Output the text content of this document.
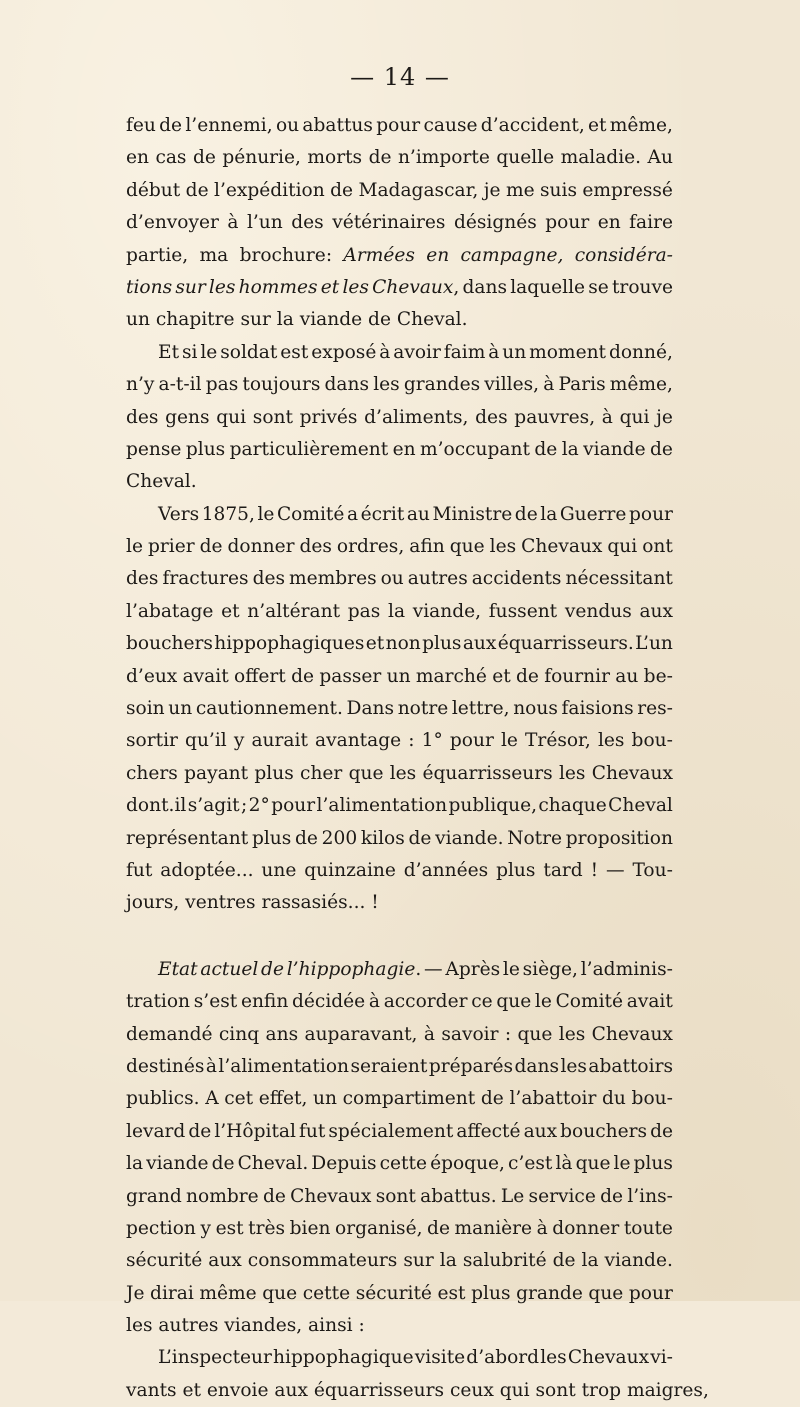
— 14 —
feu de l’ennemi, ou abattus pour cause d’accident, et même,
en cas de pénurie, morts de n’importe quelle maladie. Au
début de l’expédition de Madagascar, je me suis empressé
d’envoyer à l’un des vétérinaires désignés pour en faire
partie, ma brochure: Armées en campagne, considéra-
tions sur les hommes et les Chevaux, dans laquelle se trouve
un chapitre sur la viande de Cheval.
Et si le soldat est exposé à avoir faim à un moment donné,
n’y a-t-il pas toujours dans les grandes villes, à Paris même,
des gens qui sont privés d’aliments, des pauvres, à qui je
pense plus particulièrement en m’occupant de la viande de
Cheval.
Vers 1875, le Comité a écrit au Ministre de la Guerre pour
le prier de donner des ordres, afin que les Chevaux qui ont
des fractures des membres ou autres accidents nécessitant
l’abatage et n’altérant pas la viande, fussent vendus aux
bouchers hippophagiques et non plus aux équarrisseurs. L’un
d’eux avait offert de passer un marché et de fournir au be-
soin un cautionnement. Dans notre lettre, nous faisions res-
sortir qu’il y aurait avantage : 1° pour le Trésor, les bou-
chers payant plus cher que les équarrisseurs les Chevaux
dont.il s’agit ; 2° pour l’alimentation publique, chaque Cheval
représentant plus de 200 kilos de viande. Notre proposition
fut adoptée... une quinzaine d’années plus tard ! — Tou-
jours, ventres rassasiés... !
Etat actuel de l’hippophagie. — Après le siège, l’adminis-
tration s’est enfin décidée à accorder ce que le Comité avait
demandé cinq ans auparavant, à savoir : que les Chevaux
destinés à l’alimentation seraient préparés dans les abattoirs
publics. A cet effet, un compartiment de l’abattoir du bou-
levard de l’Hôpital fut spécialement affecté aux bouchers de
la viande de Cheval. Depuis cette époque, c’est là que le plus
grand nombre de Chevaux sont abattus. Le service de l’ins-
pection y est très bien organisé, de manière à donner toute
sécurité aux consommateurs sur la salubrité de la viande.
Je dirai même que cette sécurité est plus grande que pour
les autres viandes, ainsi :
L’inspecteur hippophagique visite d’abord les Chevaux vi-
vants et envoie aux équarrisseurs ceux qui sont trop maigres,
